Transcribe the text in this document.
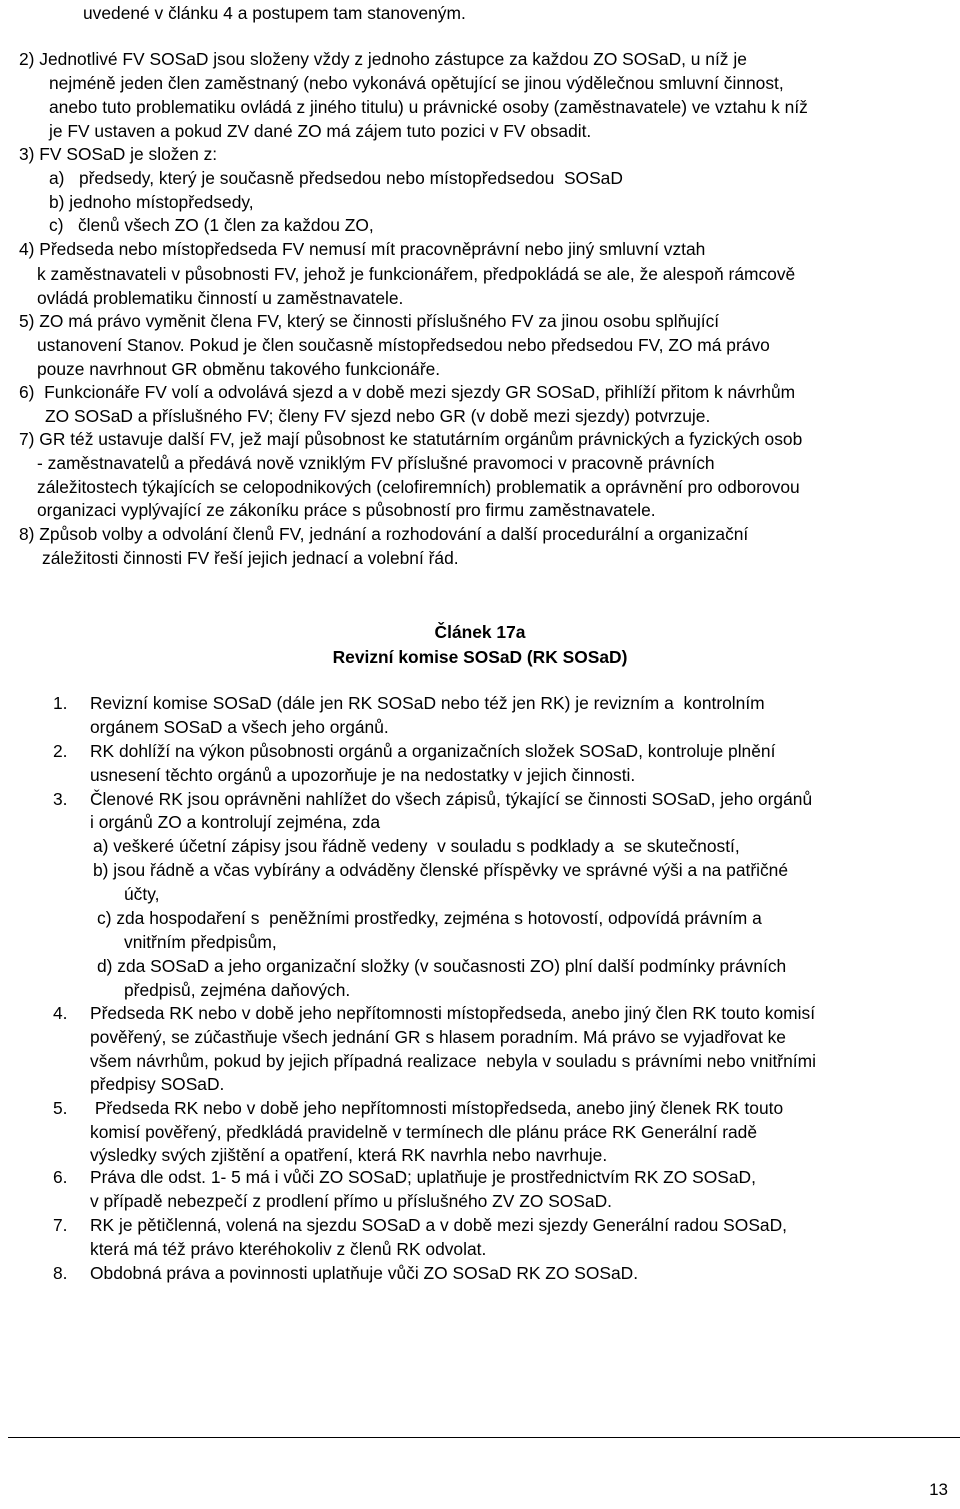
uvedené v článku 4 a postupem tam stanoveným.
2) Jednotlivé FV SOSaD jsou složeny vždy z jednoho zástupce za každou ZO SOSaD, u níž je
nejméně jeden člen zaměstnaný (nebo vykonává opětující se jinou výdělečnou smluvní činnost,
anebo tuto problematiku ovládá z jiného titulu) u právnické osoby (zaměstnavatele) ve vztahu k níž
je FV ustaven a pokud ZV dané ZO má zájem tuto pozici v FV obsadit.
3) FV SOSaD je složen z:
a)   předsedy, který je současně předsedou nebo místopředsedou  SOSaD
b) jednoho místopředsedy,
c)   členů všech ZO (1 člen za každou ZO,
4) Předseda nebo místopředseda FV nemusí mít pracovněprávní nebo jiný smluvní vztah
k zaměstnavateli v působnosti FV, jehož je funkcionářem, předpokládá se ale, že alespoň rámcově
ovládá problematiku činností u zaměstnavatele.
5) ZO má právo vyměnit člena FV, který se činnosti příslušného FV za jinou osobu splňující
ustanovení Stanov. Pokud je člen současně místopředsedou nebo předsedou FV, ZO má právo
pouze navrhnout GR obměnu takového funkcionáře.
6)  Funkcionáře FV volí a odvolává sjezd a v době mezi sjezdy GR SOSaD, přihlíží přitom k návrhům
ZO SOSaD a příslušného FV; členy FV sjezd nebo GR (v době mezi sjezdy) potvrzuje.
7) GR též ustavuje další FV, jež mají působnost ke statutárním orgánům právnických a fyzických osob
- zaměstnavatelů a předává nově vzniklým FV příslušné pravomoci v pracovně právních
záležitostech týkajících se celopodnikových (celofiremních) problematik a oprávnění pro odborovou
organizaci vyplývající ze zákoníku práce s působností pro firmu zaměstnavatele.
8) Způsob volby a odvolání členů FV, jednání a rozhodování a další procedurální a organizační
záležitosti činnosti FV řeší jejich jednací a volební řád.
Článek 17a
Revizní komise SOSaD (RK SOSaD)
1. Revizní komise SOSaD (dále jen RK SOSaD nebo též jen RK) je revizním a  kontrolním
orgánem SOSaD a všech jeho orgánů.
2. RK dohlíží na výkon působnosti orgánů a organizačních složek SOSaD, kontroluje plnění
usnesení těchto orgánů a upozorňuje je na nedostatky v jejich činnosti.
3. Členové RK jsou oprávněni nahlížet do všech zápisů, týkající se činnosti SOSaD, jeho orgánů
i orgánů ZO a kontrolují zejména, zda
a) veškeré účetní zápisy jsou řádně vedeny  v souladu s podklady a  se skutečností,
b) jsou řádně a včas vybírány a odváděny členské příspěvky ve správné výši a na patřičné
účty,
c) zda hospodaření s  peněžními prostředky, zejména s hotovostí, odpovídá právním a
vnitřním předpisům,
d) zda SOSaD a jeho organizační složky (v současnosti ZO) plní další podmínky právních
předpisů, zejména daňových.
4. Předseda RK nebo v době jeho nepřítomnosti místopředseda, anebo jiný člen RK touto komisí
pověřený, se zúčastňuje všech jednání GR s hlasem poradním. Má právo se vyjadřovat ke
všem návrhům, pokud by jejich případná realizace  nebyla v souladu s právními nebo vnitřními
předpisy SOSaD.
5. Předseda RK nebo v době jeho nepřítomnosti místopředseda, anebo jiný členek RK touto
komisí pověřený, předkládá pravidelně v termínech dle plánu práce RK Generální radě
výsledky svých zjištění a opatření, která RK navrhla nebo navrhuje.
6. Práva dle odst. 1- 5 má i vůči ZO SOSaD; uplatňuje je prostřednictvím RK ZO SOSaD,
v případě nebezpečí z prodlení přímo u příslušného ZV ZO SOSaD.
7. RK je pětičlenná, volená na sjezdu SOSaD a v době mezi sjezdy Generální radou SOSaD,
která má též právo kteréhokoliv z členů RK odvolat.
8. Obdobná práva a povinnosti uplatňuje vůči ZO SOSaD RK ZO SOSaD.
13
